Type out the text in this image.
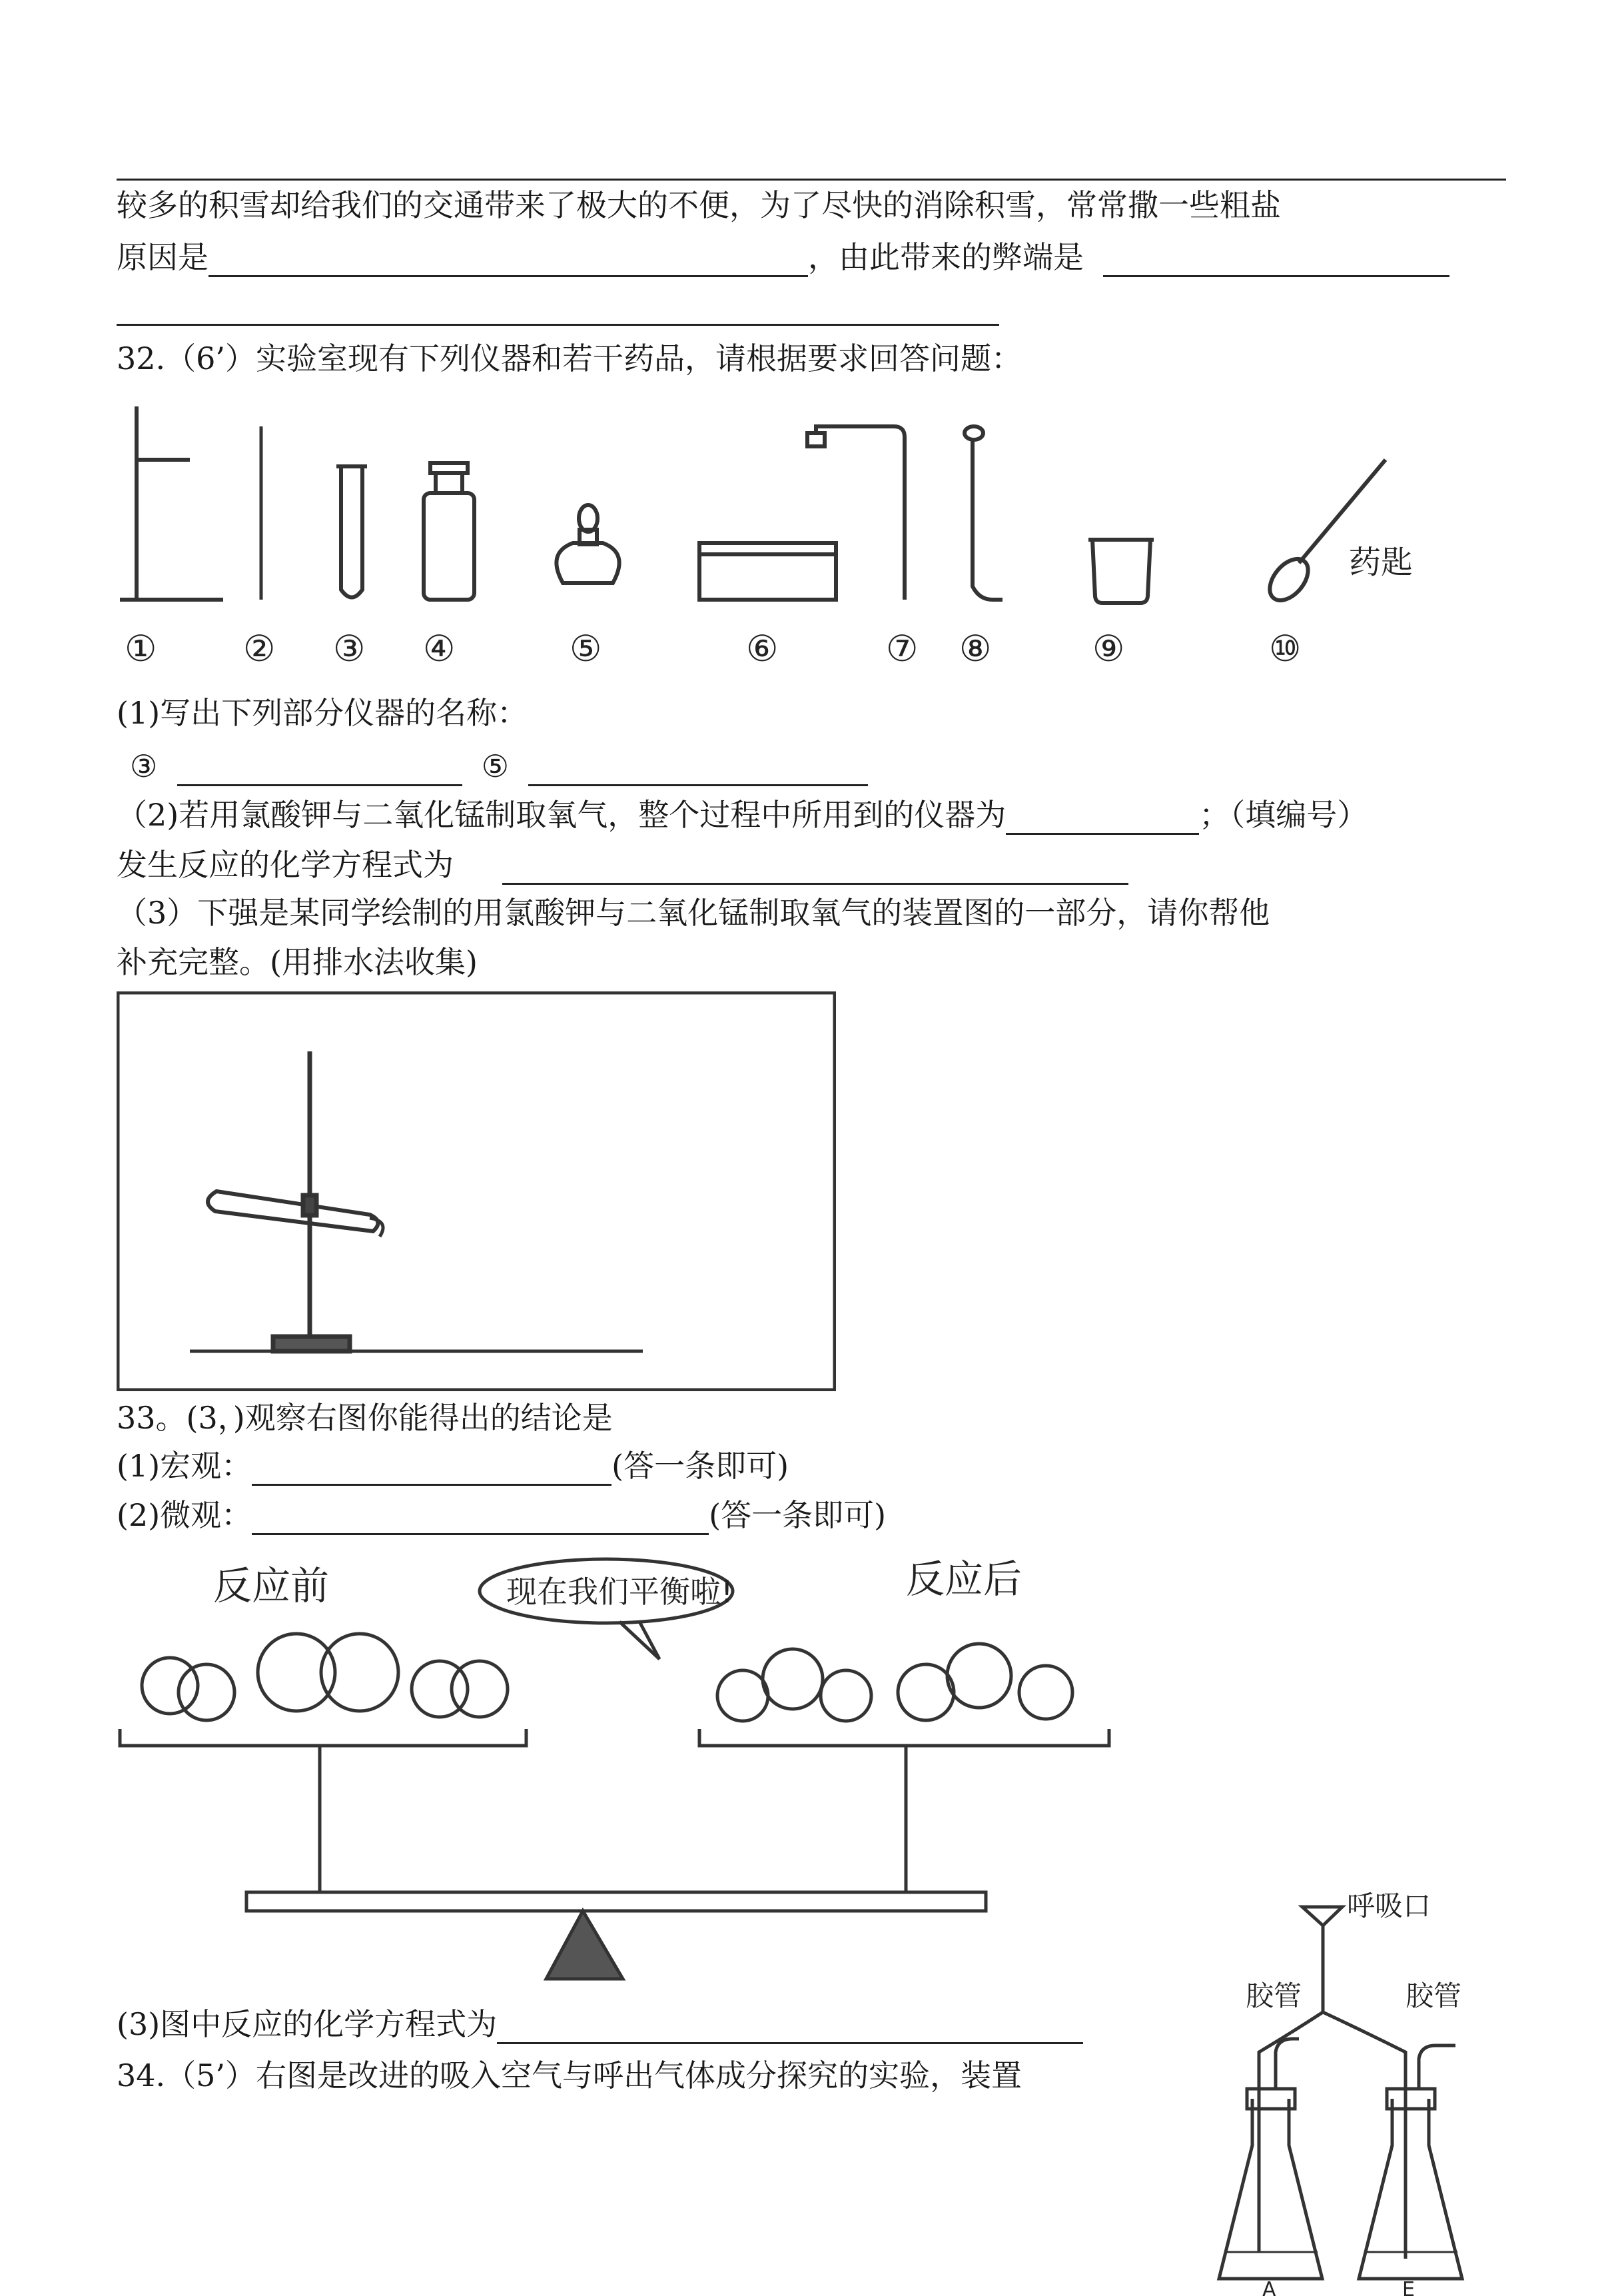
较多的积雪却给我们的交通带来了极大的不便，为了尽快的消除积雪，常常撒一些粗盐
原因是	，由此带来的弊端是
32.（6’）实验室现有下列仪器和若干药品，请根据要求回答问题：
① ② ③ ④	⑤	⑥	⑦ ⑧	⑨	⑩
药匙
(1)写出下列部分仪器的名称：
③	⑤
（2)若用氯酸钾与二氧化锰制取氧气，整个过程中所用到的仪器为	；（填编号）
发生反应的化学方程式为
（3）下强是某同学绘制的用氯酸钾与二氧化锰制取氧气的装置图的一部分，请你帮他
补充完整。(用排水法收集)
33。(3，)观察右图你能得出的结论是
(1)宏观：	(答一条即可)
(2)微观：	(答一条即可)
反应前	反应后
现在我们平衡啦!
(3)图中反应的化学方程式为
34.（5’）右图是改进的吸入空气与呼出气体成分探究的实验，装置
呼吸口
胶管	胶管
A	E
